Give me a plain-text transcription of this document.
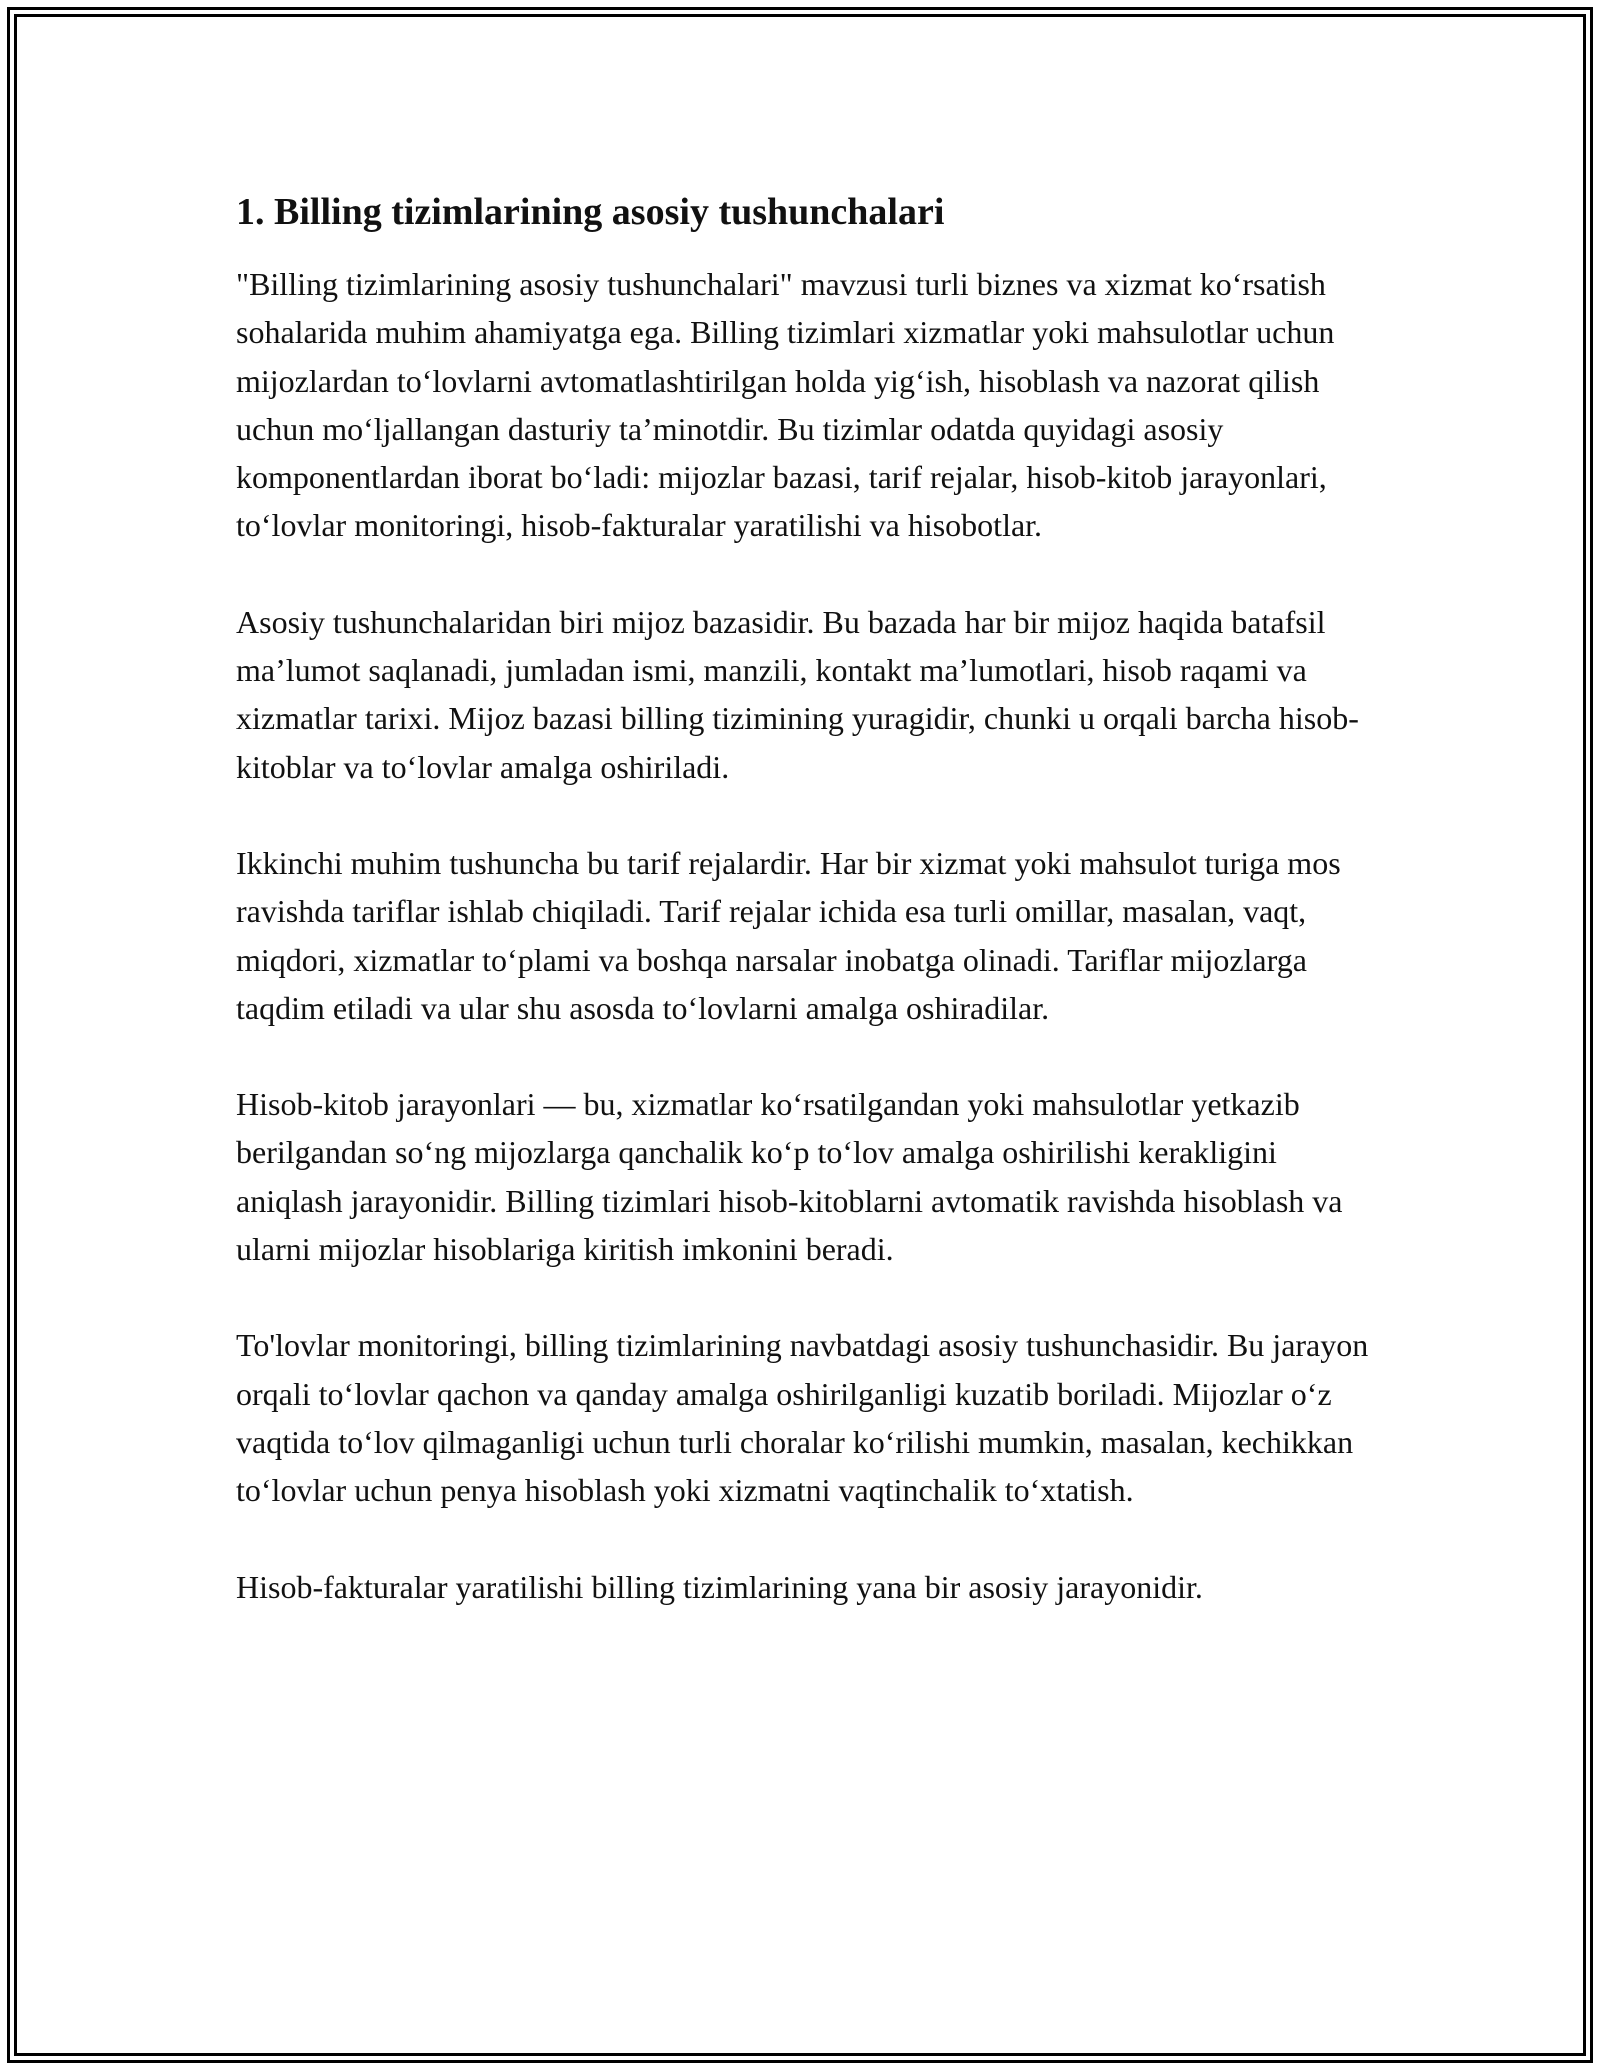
1. Billing tizimlarining asosiy tushunchalari

"Billing tizimlarining asosiy tushunchalari" mavzusi turli biznes va xizmat ko‘rsatish sohalarida muhim ahamiyatga ega. Billing tizimlari xizmatlar yoki mahsulotlar uchun mijozlardan to‘lovlarni avtomatlashtirilgan holda yig‘ish, hisoblash va nazorat qilish uchun mo‘ljallangan dasturiy ta’minotdir. Bu tizimlar odatda quyidagi asosiy komponentlardan iborat bo‘ladi: mijozlar bazasi, tarif rejalar, hisob-kitob jarayonlari, to‘lovlar monitoringi, hisob-fakturalar yaratilishi va hisobotlar.

Asosiy tushunchalaridan biri mijoz bazasidir. Bu bazada har bir mijoz haqida batafsil ma’lumot saqlanadi, jumladan ismi, manzili, kontakt ma’lumotlari, hisob raqami va xizmatlar tarixi. Mijoz bazasi billing tizimining yuragidir, chunki u orqali barcha hisob-kitoblar va to‘lovlar amalga oshiriladi.

Ikkinchi muhim tushuncha bu tarif rejalardir. Har bir xizmat yoki mahsulot turiga mos ravishda tariflar ishlab chiqiladi. Tarif rejalar ichida esa turli omillar, masalan, vaqt, miqdori, xizmatlar to‘plami va boshqa narsalar inobatga olinadi. Tariflar mijozlarga taqdim etiladi va ular shu asosda to‘lovlarni amalga oshiradilar.

Hisob-kitob jarayonlari — bu, xizmatlar ko‘rsatilgandan yoki mahsulotlar yetkazib berilgandan so‘ng mijozlarga qanchalik ko‘p to‘lov amalga oshirilishi kerakligini aniqlash jarayonidir. Billing tizimlari hisob-kitoblarni avtomatik ravishda hisoblash va ularni mijozlar hisoblariga kiritish imkonini beradi.

To'lovlar monitoringi, billing tizimlarining navbatdagi asosiy tushunchasidir. Bu jarayon orqali to‘lovlar qachon va qanday amalga oshirilganligi kuzatib boriladi. Mijozlar o‘z vaqtida to‘lov qilmaganligi uchun turli choralar ko‘rilishi mumkin, masalan, kechikkan to‘lovlar uchun penya hisoblash yoki xizmatni vaqtinchalik to‘xtatish.

Hisob-fakturalar yaratilishi billing tizimlarining yana bir asosiy jarayonidir.
